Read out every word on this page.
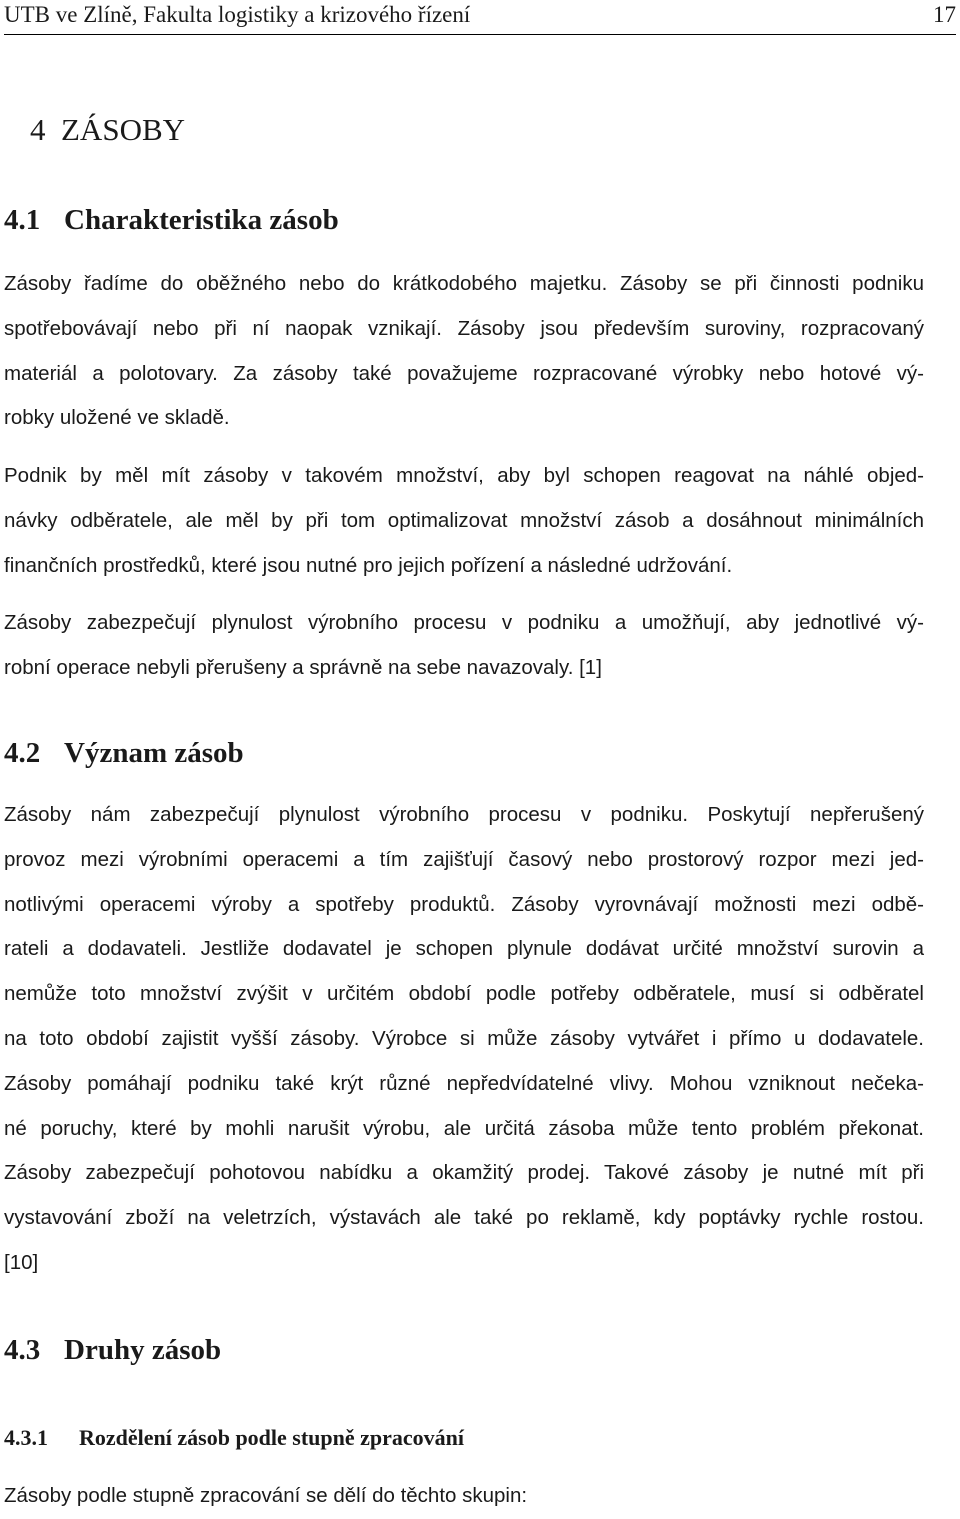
UTB ve Zlíně, Fakulta logistiky a krizového řízení	17
4  ZÁSOBY
4.1 Charakteristika zásob
Zásoby řadíme do oběžného nebo do krátkodobého majetku. Zásoby se při činnosti podniku
spotřebovávají nebo při ní naopak vznikají. Zásoby jsou především suroviny, rozpracovaný
materiál a polotovary. Za zásoby také považujeme rozpracované výrobky nebo hotové vý-
robky uložené ve skladě.
Podnik by měl mít zásoby v takovém množství, aby byl schopen reagovat na náhlé objed-
návky odběratele, ale měl by při tom optimalizovat množství zásob a dosáhnout minimálních
finančních prostředků, které jsou nutné pro jejich pořízení a následné udržování.
Zásoby zabezpečují plynulost výrobního procesu v podniku a umožňují, aby jednotlivé vý-
robní operace nebyli přerušeny a správně na sebe navazovaly. [1]
4.2 Význam zásob
Zásoby nám zabezpečují plynulost výrobního procesu v podniku. Poskytují nepřerušený
provoz mezi výrobními operacemi a tím zajišťují časový nebo prostorový rozpor mezi jed-
notlivými operacemi výroby a spotřeby produktů. Zásoby vyrovnávají možnosti mezi odbě-
rateli a dodavateli. Jestliže dodavatel je schopen plynule dodávat určité množství surovin a
nemůže toto množství zvýšit v určitém období podle potřeby odběratele, musí si odběratel
na toto období zajistit vyšší zásoby. Výrobce si může zásoby vytvářet i přímo u dodavatele.
Zásoby pomáhají podniku také krýt různé nepředvídatelné vlivy. Mohou vzniknout nečeka-
né poruchy, které by mohli narušit výrobu, ale určitá zásoba může tento problém překonat.
Zásoby zabezpečují pohotovou nabídku a okamžitý prodej. Takové zásoby je nutné mít při
vystavování zboží na veletrzích, výstavách ale také po reklamě, kdy poptávky rychle rostou.
[10]
4.3 Druhy zásob
4.3.1 Rozdělení zásob podle stupně zpracování
Zásoby podle stupně zpracování se dělí do těchto skupin:
